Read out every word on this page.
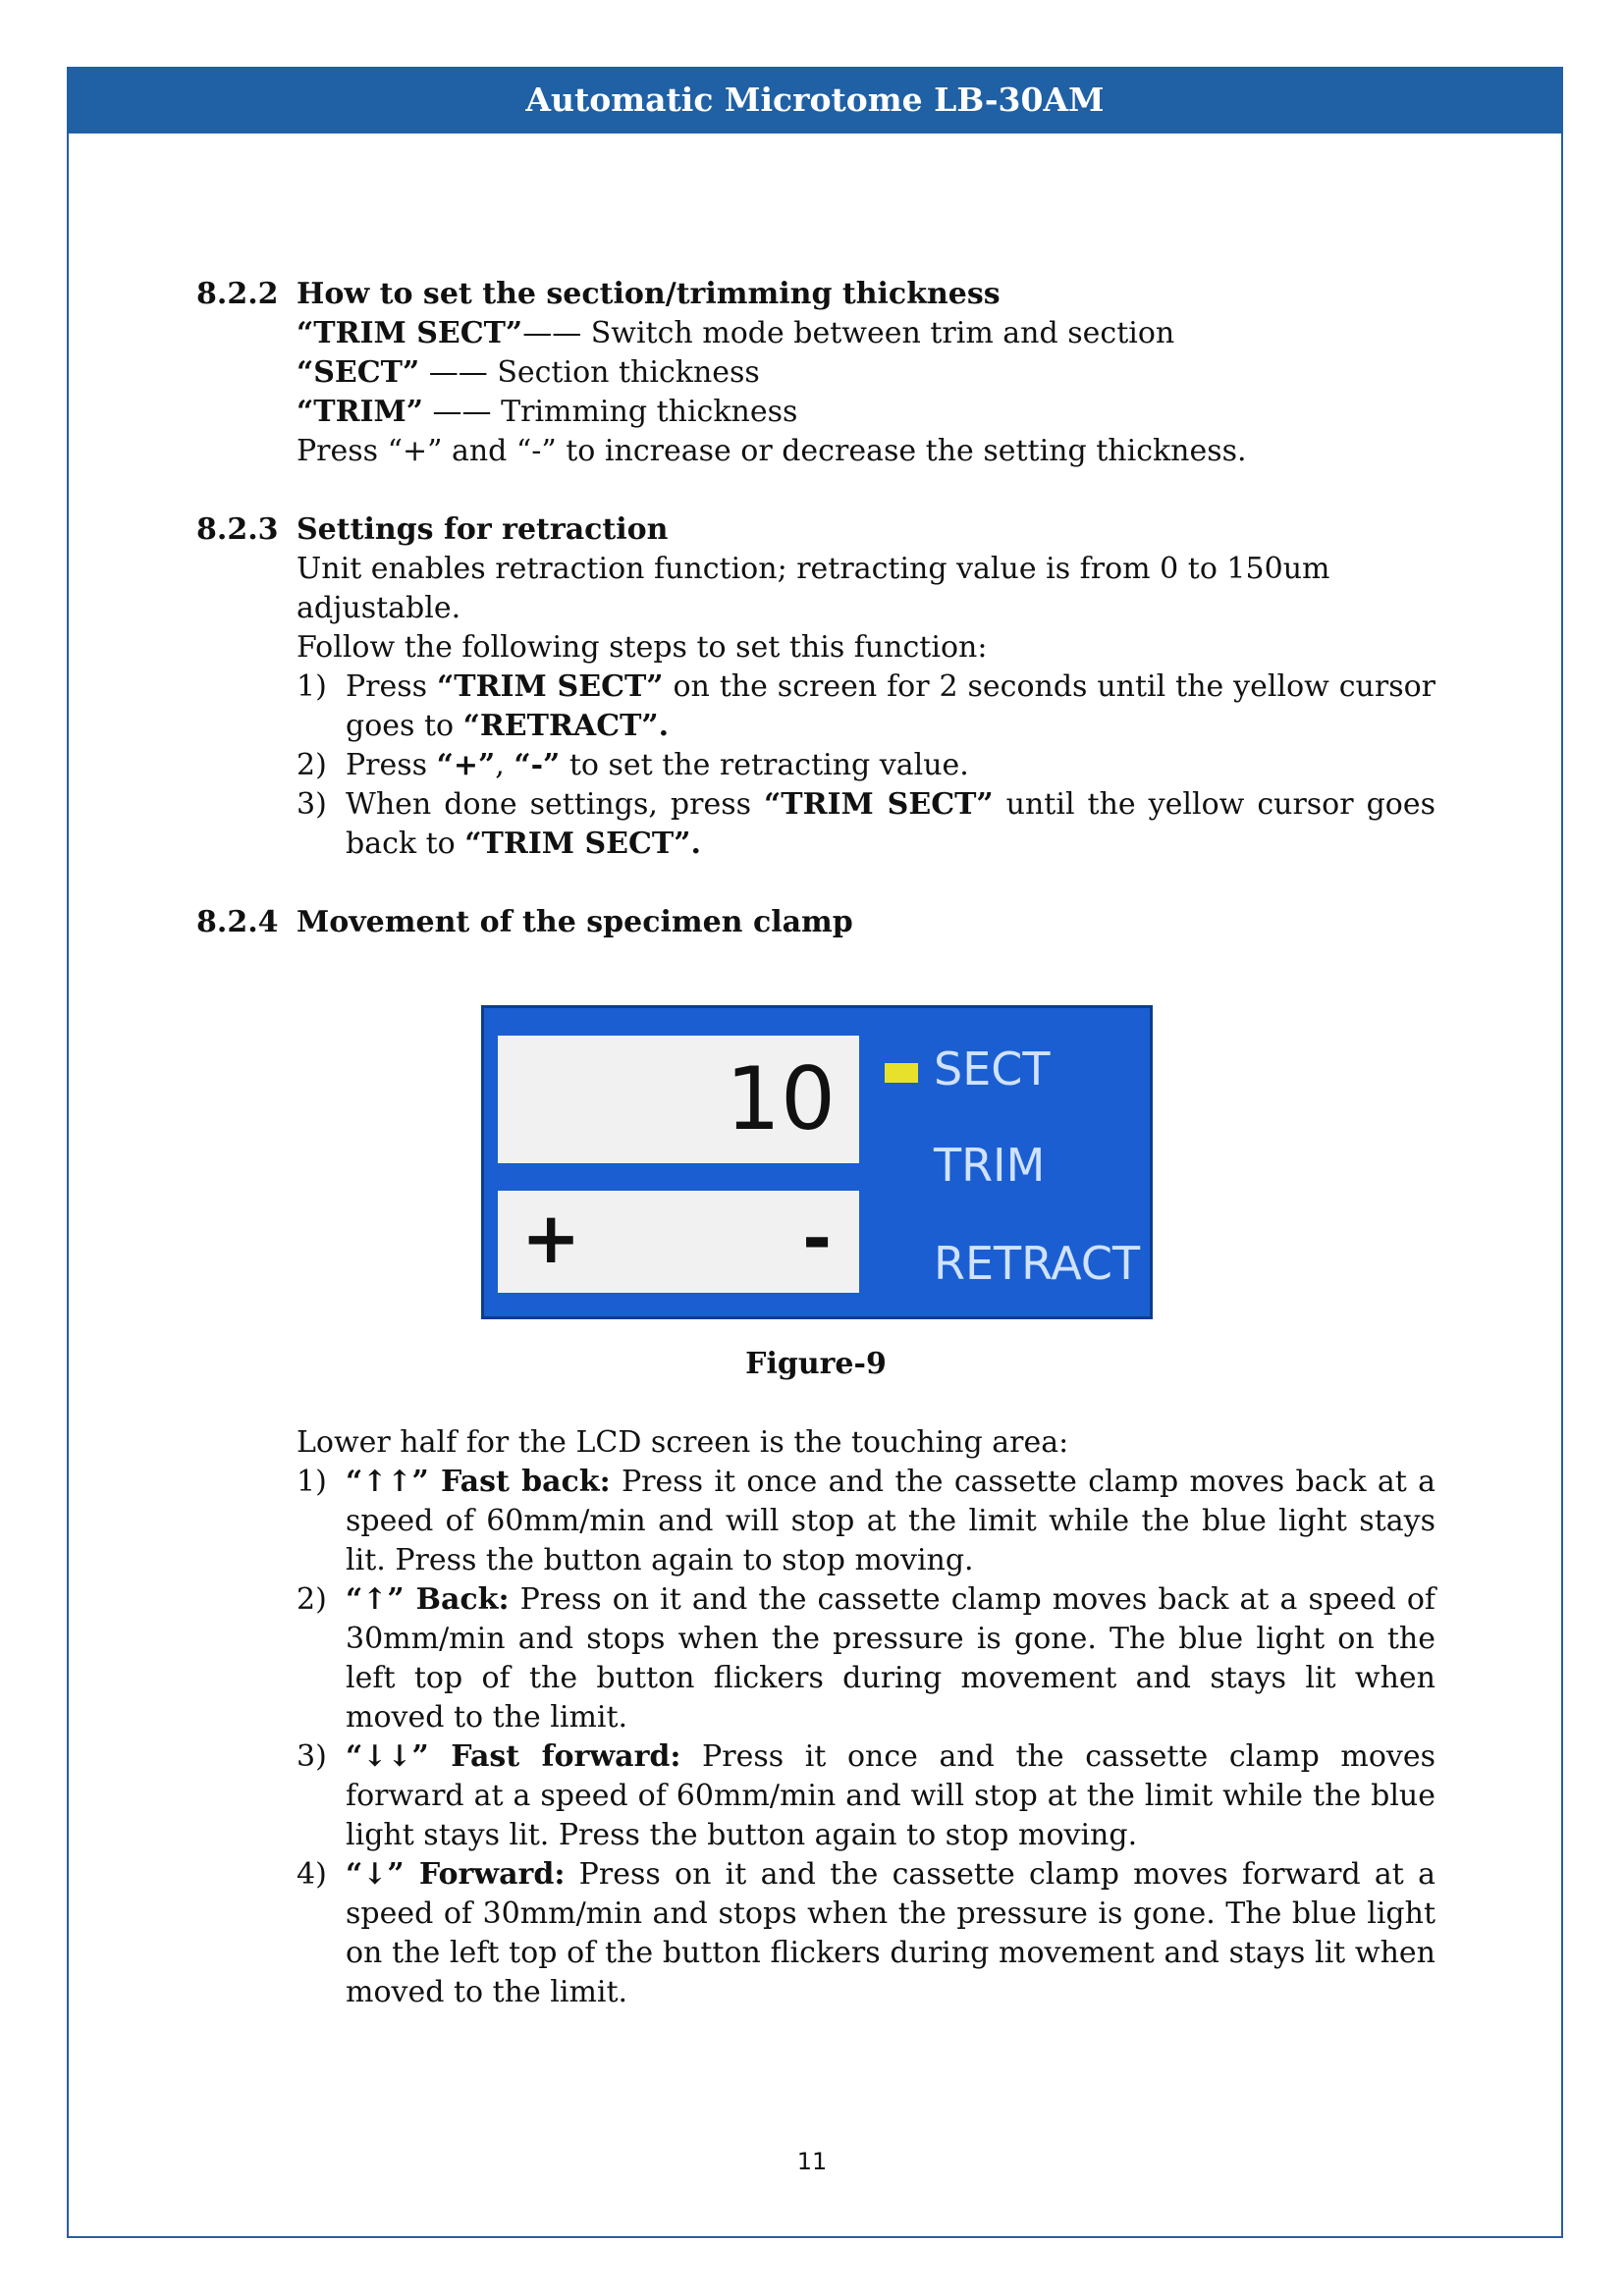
Automatic Microtome LB-30AM
8.2.2 How to set the section/trimming thickness
“TRIM SECT”—— Switch mode between trim and section
“SECT” —— Section thickness
“TRIM” —— Trimming thickness
Press “+” and “-” to increase or decrease the setting thickness.
8.2.3 Settings for retraction
Unit enables retraction function; retracting value is from 0 to 150um adjustable.
Follow the following steps to set this function:
1) Press “TRIM SECT” on the screen for 2 seconds until the yellow cursor goes to “RETRACT”.
2) Press “+”, “-” to set the retracting value.
3) When done settings, press “TRIM SECT” until the yellow cursor goes back to “TRIM SECT”.
8.2.4 Movement of the specimen clamp
10
+	-
SECT
TRIM
RETRACT
Figure-9
Lower half for the LCD screen is the touching area:
1) “↑↑” Fast back: Press it once and the cassette clamp moves back at a speed of 60mm/min and will stop at the limit while the blue light stays lit. Press the button again to stop moving.
2) “↑” Back: Press on it and the cassette clamp moves back at a speed of 30mm/min and stops when the pressure is gone. The blue light on the left top of the button flickers during movement and stays lit when moved to the limit.
3) “↓↓” Fast forward: Press it once and the cassette clamp moves forward at a speed of 60mm/min and will stop at the limit while the blue light stays lit. Press the button again to stop moving.
4) “↓” Forward: Press on it and the cassette clamp moves forward at a speed of 30mm/min and stops when the pressure is gone. The blue light on the left top of the button flickers during movement and stays lit when moved to the limit.
11
